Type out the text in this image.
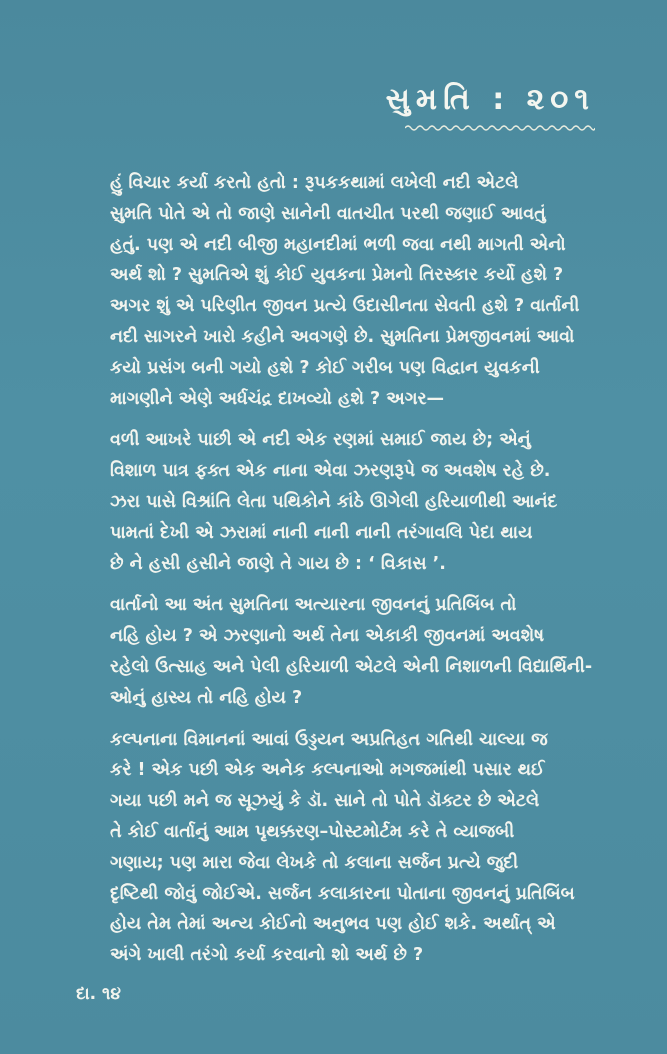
સુમતિ : ૨૦૧

હું વિચાર કર્યા કરતો હતો : રૂપકકથામાં લખેલી નદી એટલે
સુમતિ પોતે એ તો જાણે સાને‌ની વાતચીત પરથી જણાઈ આવતું
હતું. પણ એ નદી બીજી મહાનદીમાં ભળી જવા નથી માગતી એનો
અર્થ શો ? સુમતિએ શું કોઈ યુવકના પ્રેમનો તિરસ્કાર કર્યો હશે ?
અગર શું એ પરિણીત જીવન પ્રત્યે ઉદાસીનતા સેવતી હશે ? વાર્તાની
નદી સાગરને ખારો કહીને અવગણે છે. સુમતિના પ્રેમજીવનમાં આવો
કયો પ્રસંગ બની ગયો હશે ? કોઈ ગરીબ પણ વિદ્વાન યુવકની
માગણીને એણે અર્ધચંદ્ર દાખવ્યો હશે ? અગર—

વળી આખરે પાછી એ નદી એક રણમાં સમાઈ જાય છે; એનું
વિશાળ પાત્ર ફક્ત એક નાના એવા ઝરણરૂપે જ અવશેષ રહે છે.
ઝરા પાસે વિશ્રાંતિ લેતા પથિકોને કાંઠે ઊગેલી હરિયાળીથી આનંદ
પામતાં દેખી એ ઝરામાં નાની નાની નાની તરંગાવલિ પેદા થાય
છે ને હસી હસીને જાણે તે ગાય છે : ‘ વિકાસ ’.

વાર્તાનો આ અંત સુમતિના અત્યારના જીવનનું પ્રતિબિંબ તો
નહિ હોય ? એ ઝરણાનો અર્થ તેના એકાકી જીવનમાં અવશેષ
રહેલો ઉત્સાહ અને પેલી હરિયાળી એટલે એની નિશાળની વિદ્યાર્થિની-
ઓનું હાસ્ય તો નહિ હોય ?

કલ્પનાના વિમાનનાં આવાં ઉડ્ડયન અપ્રતિહત ગતિથી ચાલ્યા જ
કરે ! એક પછી એક અનેક કલ્પનાઓ મગજમાંથી પસાર થઈ
ગયા પછી મને જ સૂઝયું કે ડૉ. સાને તો પોતે ડૉક્ટર છે એટલે
તે કોઈ વાર્તાનું આમ પૃથક્કરણ–પોસ્ટમોર્ટમ કરે તે વ્યાજબી
ગણાય; પણ મારા જેવા લેખકે તો કલાના સર્જન પ્રત્યે જુદી
દૃષ્ટિથી જોવું જોઈએ. સર્જન કલાકારના પોતાના જીવનનું પ્રતિબિંબ
હોય તેમ તેમાં અન્ય કોઈનો અનુભવ પણ હોઈ શકે. અર્થાત્ એ
અંગે ખાલી તરંગો કર્યા કરવાનો શો અર્થ છે ?

દા. ૧૪
